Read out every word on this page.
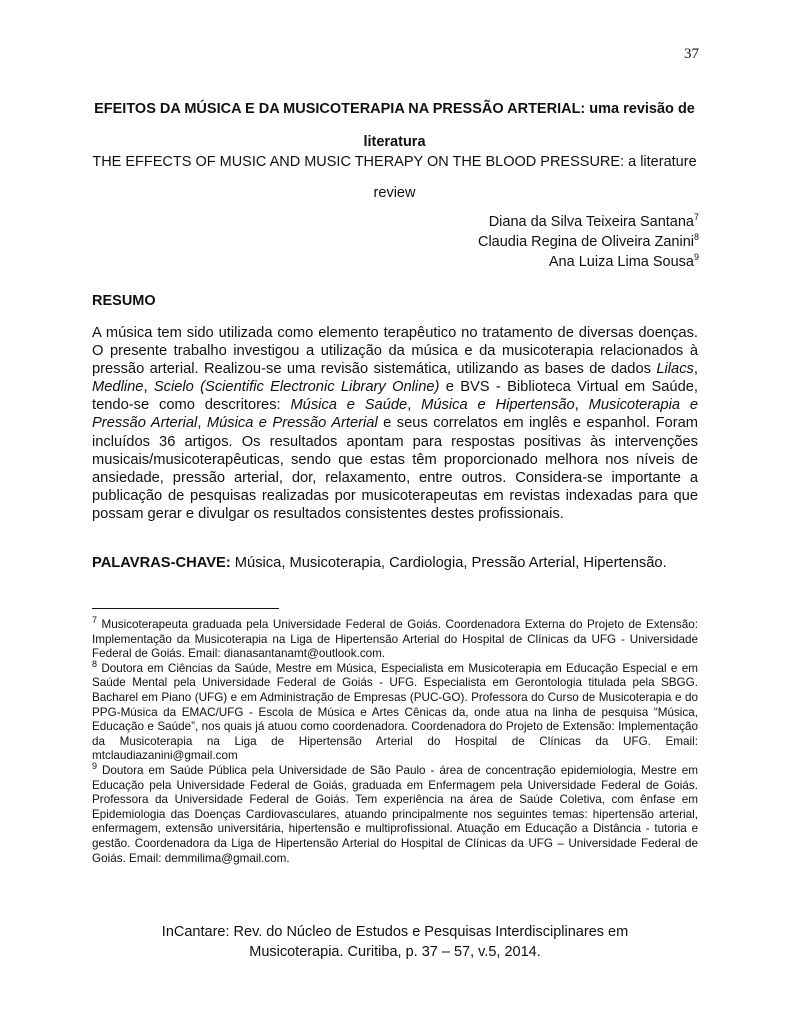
37
EFEITOS DA MÚSICA E DA MUSICOTERAPIA NA PRESSÃO ARTERIAL: uma revisão de literatura
THE EFFECTS OF MUSIC AND MUSIC THERAPY ON THE BLOOD PRESSURE: a literature review
Diana da Silva Teixeira Santana$^7$
Claudia Regina de Oliveira Zanini$^8$
Ana Luiza Lima Sousa$^9$
RESUMO

A música tem sido utilizada como elemento terapêutico no tratamento de diversas doenças. O presente trabalho investigou a utilização da música e da musicoterapia relacionados à pressão arterial. Realizou-se uma revisão sistemática, utilizando as bases de dados Lilacs, Medline, Scielo (Scientific Electronic Library Online) e BVS - Biblioteca Virtual em Saúde, tendo-se como descritores: Música e Saúde, Música e Hipertensão, Musicoterapia e Pressão Arterial, Música e Pressão Arterial e seus correlatos em inglês e espanhol. Foram incluídos 36 artigos. Os resultados apontam para respostas positivas às intervenções musicais/musicoterapêuticas, sendo que estas têm proporcionado melhora nos níveis de ansiedade, pressão arterial, dor, relaxamento, entre outros. Considera-se importante a publicação de pesquisas realizadas por musicoterapeutas em revistas indexadas para que possam gerar e divulgar os resultados consistentes destes profissionais.

PALAVRAS-CHAVE: Música, Musicoterapia, Cardiologia, Pressão Arterial, Hipertensão.

$^7$ Musicoterapeuta graduada pela Universidade Federal de Goiás. Coordenadora Externa do Projeto de Extensão: Implementação da Musicoterapia na Liga de Hipertensão Arterial do Hospital de Clínicas da UFG - Universidade Federal de Goiás. Email: dianasantanamt@outlook.com.

$^8$ Doutora em Ciências da Saúde, Mestre em Música, Especialista em Musicoterapia em Educação Especial e em Saúde Mental pela Universidade Federal de Goiás - UFG. Especialista em Gerontologia titulada pela SBGG. Bacharel em Piano (UFG) e em Administração de Empresas (PUC-GO). Professora do Curso de Musicoterapia e do PPG-Música da EMAC/UFG - Escola de Música e Artes Cênicas da, onde atua na linha de pesquisa “Música, Educação e Saúde”, nos quais já atuou como coordenadora. Coordenadora do Projeto de Extensão: Implementação da Musicoterapia na Liga de Hipertensão Arterial do Hospital de Clínicas da UFG. Email: mtclaudiazanini@gmail.com

$^9$ Doutora em Saúde Pública pela Universidade de São Paulo - área de concentração epidemiologia, Mestre em Educação pela Universidade Federal de Goiás, graduada em Enfermagem pela Universidade Federal de Goiás. Professora da Universidade Federal de Goiás. Tem experiência na área de Saúde Coletiva, com ênfase em Epidemiologia das Doenças Cardiovasculares, atuando principalmente nos seguintes temas: hipertensão arterial, enfermagem, extensão universitária, hipertensão e multiprofissional. Atuação em Educação a Distância - tutoria e gestão. Coordenadora da Liga de Hipertensão Arterial do Hospital de Clínicas da UFG – Universidade Federal de Goiás. Email: demmilima@gmail.com.

InCantare: Rev. do Núcleo de Estudos e Pesquisas Interdisciplinares em
Musicoterapia. Curitiba, p. 37 – 57, v.5, 2014.
